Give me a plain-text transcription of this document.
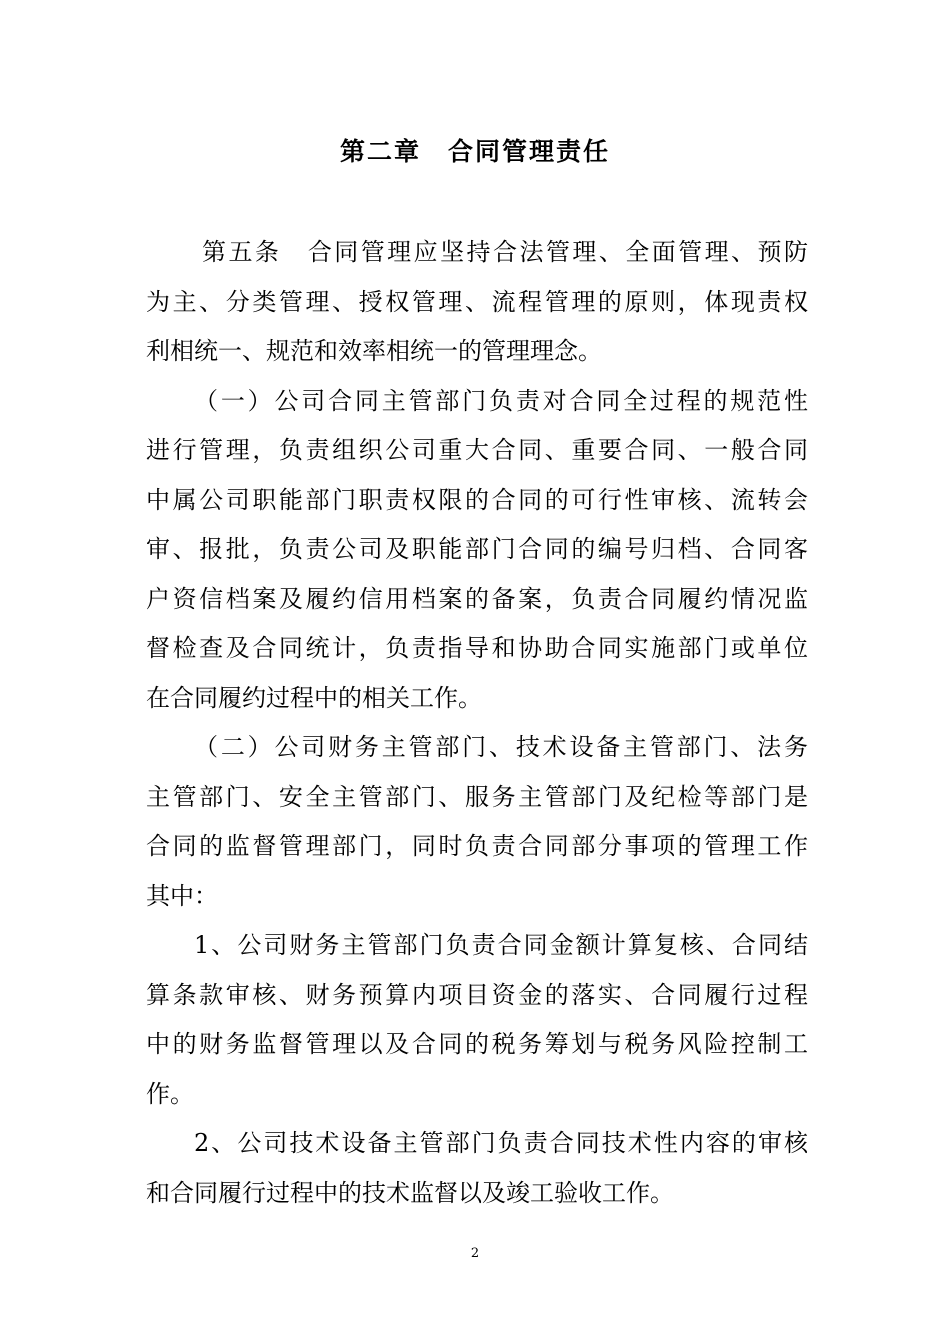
第二章　合同管理责任
第五条　合同管理应坚持合法管理、全面管理、预防
为主、分类管理、授权管理、流程管理的原则，体现责权
利相统一、规范和效率相统一的管理理念。
（一）公司合同主管部门负责对合同全过程的规范性
进行管理，负责组织公司重大合同、重要合同、一般合同
中属公司职能部门职责权限的合同的可行性审核、流转会
审、报批，负责公司及职能部门合同的编号归档、合同客
户资信档案及履约信用档案的备案，负责合同履约情况监
督检查及合同统计，负责指导和协助合同实施部门或单位
在合同履约过程中的相关工作。
（二）公司财务主管部门、技术设备主管部门、法务
主管部门、安全主管部门、服务主管部门及纪检等部门是
合同的监督管理部门，同时负责合同部分事项的管理工作
其中：
1、公司财务主管部门负责合同金额计算复核、合同结
算条款审核、财务预算内项目资金的落实、合同履行过程
中的财务监督管理以及合同的税务筹划与税务风险控制工
作。
2、公司技术设备主管部门负责合同技术性内容的审核
和合同履行过程中的技术监督以及竣工验收工作。
2
